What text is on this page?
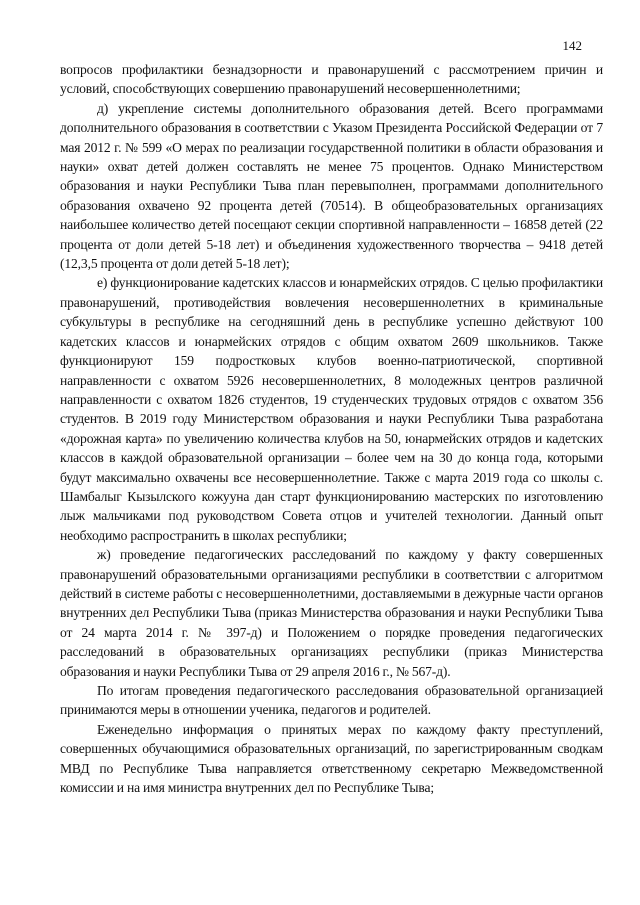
142

вопросов профилактики безнадзорности и правонарушений с рассмотрением причин и условий, способствующих совершению правонарушений несовершеннолетними;

д) укрепление системы дополнительного образования детей. Всего программами дополнительного образования в соответствии с Указом Президента Российской Федерации от 7 мая 2012 г. № 599 «О мерах по реализации государственной политики в области образования и науки» охват детей должен составлять не менее 75 процентов. Однако Министерством образования и науки Республики Тыва план перевыполнен, программами дополнительного образования охвачено 92 процента детей (70514). В общеобразовательных организациях наибольшее количество детей посещают секции спортивной направленности – 16858 детей (22 процента от доли детей 5-18 лет) и объединения художественного творчества – 9418 детей (12,3,5 процента от доли детей 5-18 лет);

е) функционирование кадетских классов и юнармейских отрядов. С целью профилактики правонарушений, противодействия вовлечения несовершеннолетних в криминальные субкультуры в республике на сегодняшний день в республике успешно действуют 100 кадетских классов и юнармейских отрядов с общим охватом 2609 школьников. Также функционируют 159 подростковых клубов военно-патриотической, спортивной направленности с охватом 5926 несовершеннолетних, 8 молодежных центров различной направленности с охватом 1826 студентов, 19 студенческих трудовых отрядов с охватом 356 студентов. В 2019 году Министерством образования и науки Республики Тыва разработана «дорожная карта» по увеличению количества клубов на 50, юнармейских отрядов и кадетских классов в каждой образовательной организации – более чем на 30 до конца года, которыми будут максимально охвачены все несовершеннолетние. Также с марта 2019 года со школы с. Шамбалыг Кызылского кожууна дан старт функционированию мастерских по изготовлению лыж мальчиками под руководством Совета отцов и учителей технологии. Данный опыт необходимо распространить в школах республики;

ж) проведение педагогических расследований по каждому у факту совершенных правонарушений образовательными организациями республики в соответствии с алгоритмом действий в системе работы с несовершеннолетними, доставляемыми в дежурные части органов внутренних дел Республики Тыва (приказ Министерства образования и науки Республики Тыва от 24 марта 2014 г. № 397-д) и Положением о порядке проведения педагогических расследований в образовательных организациях республики (приказ Министерства образования и науки Республики Тыва от 29 апреля 2016 г., № 567-д).

По итогам проведения педагогического расследования образовательной организацией принимаются меры в отношении ученика, педагогов и родителей.

Еженедельно информация о принятых мерах по каждому факту преступлений, совершенных обучающимися образовательных организаций, по зарегистрированным сводкам МВД по Республике Тыва направляется ответственному секретарю Межведомственной комиссии и на имя министра внутренних дел по Республике Тыва;
